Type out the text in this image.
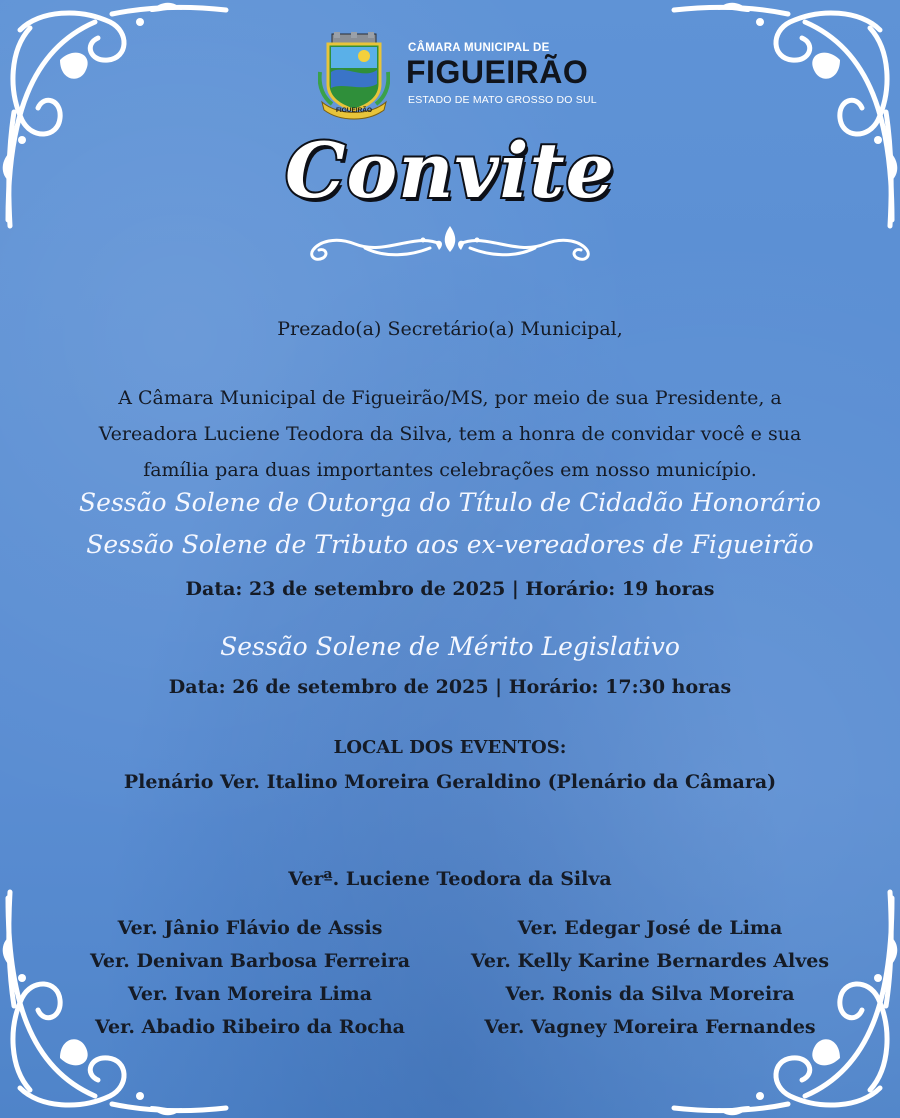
FIGUEIRÃO
CÂMARA MUNICIPAL DE
FIGUEIRÃO
ESTADO DE MATO GROSSO DO SUL
Convite
Prezado(a) Secretário(a) Municipal,
A Câmara Municipal de Figueirão/MS, por meio de sua Presidente, a Vereadora Luciene Teodora da Silva, tem a honra de convidar você e sua família para duas importantes celebrações em nosso município.
Sessão Solene de Outorga do Título de Cidadão Honorário
Sessão Solene de Tributo aos ex-vereadores de Figueirão
Data: 23 de setembro de 2025 | Horário: 19 horas
Sessão Solene de Mérito Legislativo
Data: 26 de setembro de 2025 | Horário: 17:30 horas
LOCAL DOS EVENTOS:
Plenário Ver. Italino Moreira Geraldino (Plenário da Câmara)
Verª. Luciene Teodora da Silva
Ver. Jânio Flávio de Assis
Ver. Denivan Barbosa Ferreira
Ver. Ivan Moreira Lima
Ver. Abadio Ribeiro da Rocha
Ver. Edegar José de Lima
Ver. Kelly Karine Bernardes Alves
Ver. Ronis da Silva Moreira
Ver. Vagney Moreira Fernandes
